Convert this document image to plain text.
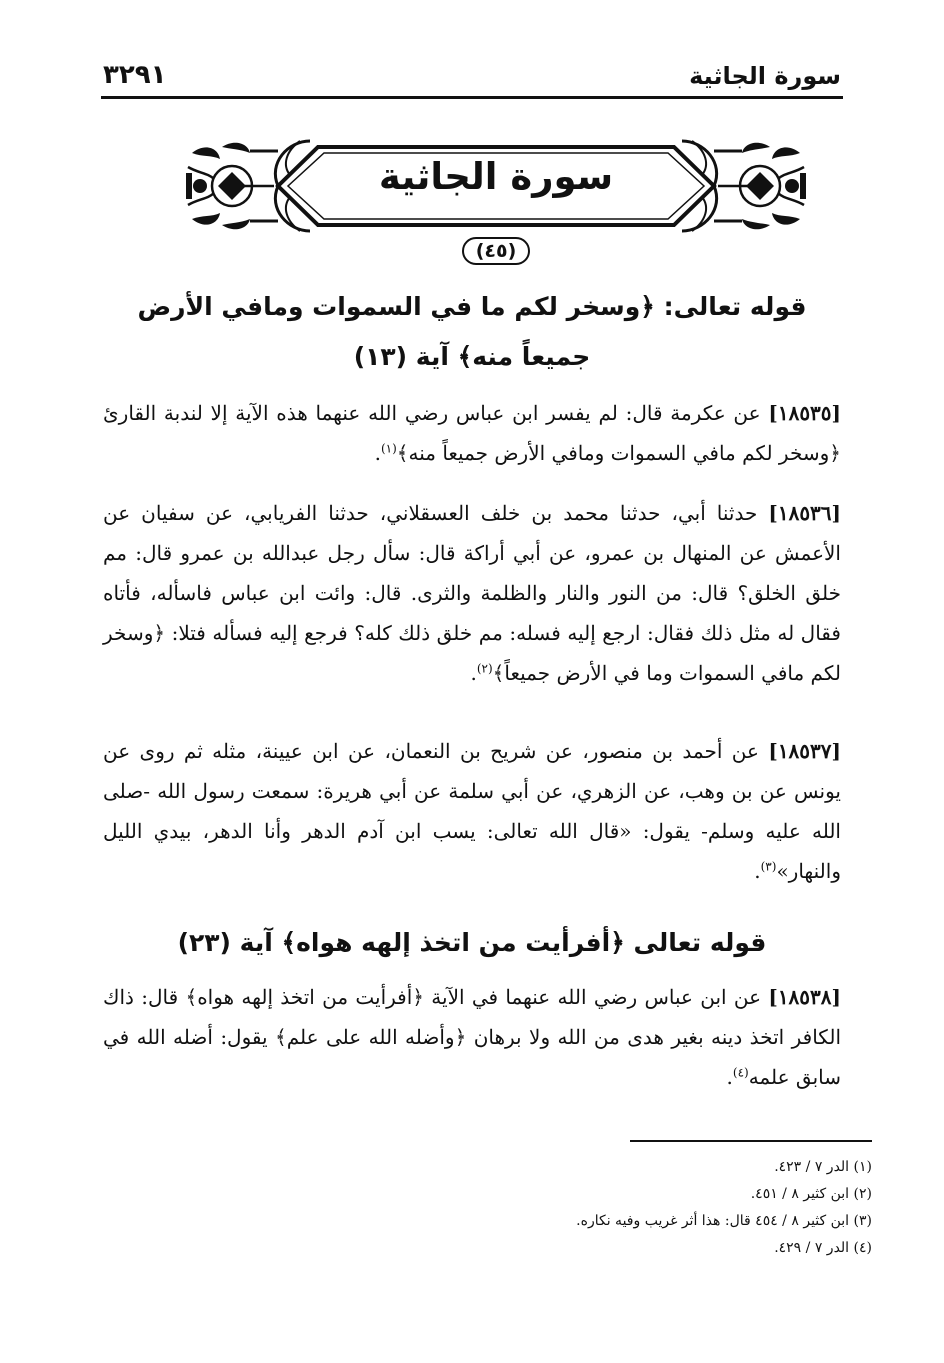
سورة الجاثية
٣٢٩١
سورة الجاثية
(٤٥)
قوله تعالى: ﴿وسخر لكم ما في السموات ومافي الأرض
جميعاً منه﴾ آية (١٣)

[١٨٥٣٥] عن عكرمة قال: لم يفسر ابن عباس رضي الله عنهما هذه الآية إلا لندبة القارئ ﴿وسخر لكم مافي السموات ومافي الأرض جميعاً منه﴾$^{(١)}$.

[١٨٥٣٦] حدثنا أبي، حدثنا محمد بن خلف العسقلاني، حدثنا الفريابي، عن سفيان عن الأعمش عن المنهال بن عمرو، عن أبي أراكة قال: سأل رجل عبدالله بن عمرو قال: مم خلق الخلق؟ قال: من النور والنار والظلمة والثرى. قال: وائت ابن عباس فاسأله، فأتاه فقال له مثل ذلك فقال: ارجع إليه فسله: مم خلق ذلك كله؟ فرجع إليه فسأله فتلا: ﴿وسخر لكم مافي السموات وما في الأرض جميعاً﴾$^{(٢)}$.

[١٨٥٣٧] عن أحمد بن منصور، عن شريح بن النعمان، عن ابن عيينة، مثله ثم روى عن يونس عن بن وهب، عن الزهري، عن أبي سلمة عن أبي هريرة: سمعت رسول الله -صلى الله عليه وسلم- يقول: «قال الله تعالى: يسب ابن آدم الدهر وأنا الدهر، بيدي الليل والنهار»$^{(٣)}$.

قوله تعالى ﴿أفرأيت من اتخذ إلهه هواه﴾ آية (٢٣)

[١٨٥٣٨] عن ابن عباس رضي الله عنهما في الآية ﴿أفرأيت من اتخذ إلهه هواه﴾ قال: ذاك الكافر اتخذ دينه بغير هدى من الله ولا برهان ﴿وأضله الله على علم﴾ يقول: أضله الله في سابق علمه$^{(٤)}$.

(١) الدر ٧ / ٤٢٣.
(٢) ابن كثير ٨ / ٤٥١.
(٣) ابن كثير ٨ / ٤٥٤ قال: هذا أثر غريب وفيه نكاره.
(٤) الدر ٧ / ٤٢٩.
